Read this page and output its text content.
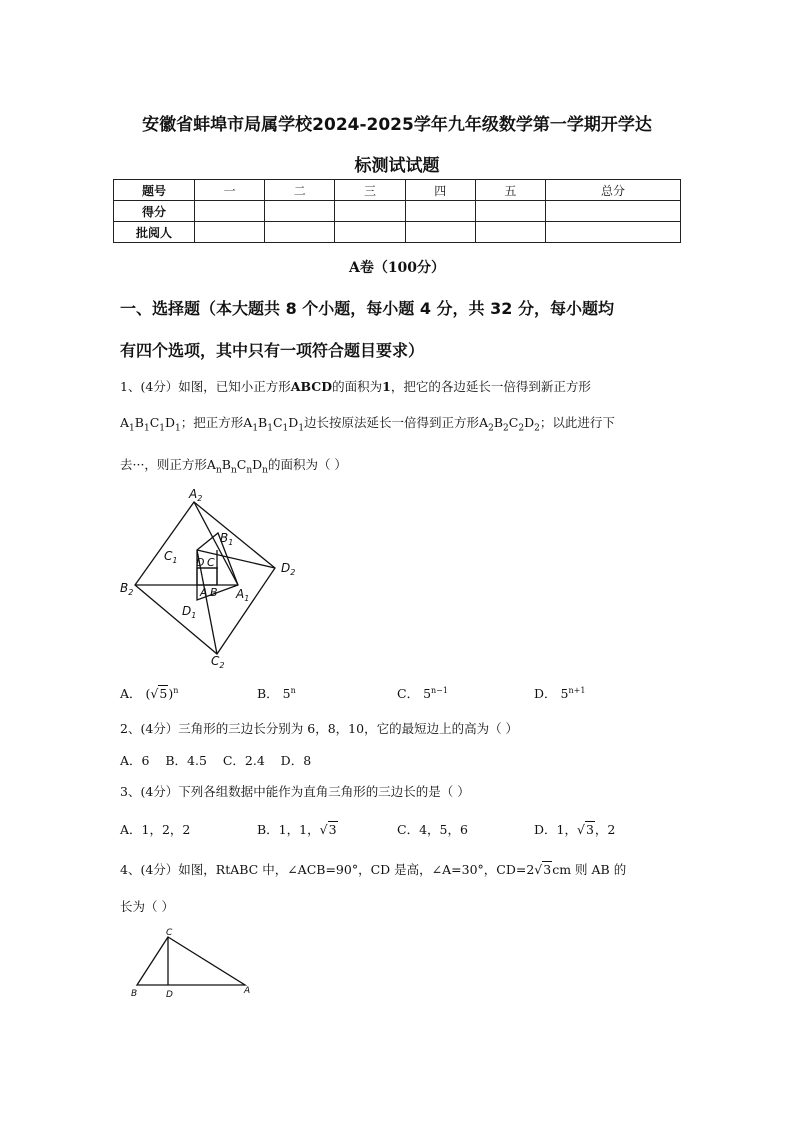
安徽省蚌埠市局属学校2024-2025学年九年级数学第一学期开学达
标测试试题
题号	一	二	三	四	五	总分
得分						
批阅人						
A卷（100分）
一、选择题（本大题共 8 个小题，每小题 4 分，共 32 分，每小题均
有四个选项，其中只有一项符合题目要求）
1、(4分）如图，已知小正方形ABCD的面积为1，把它的各边延长一倍得到新正方形
$A_1B_1C_1D_1$；把正方形$A_1B_1C_1D_1$边长按原法延长一倍得到正方形$A_2B_2C_2D_2$；以此进行下
去···，则正方形$A_nB_nC_nD_n$的面积为（ ）
$A_2$
$B_2$
$C_2$
$D_2$
$A_1$
$B_1$
$C_1$
$D_1$
D C
A B
A． $(√5)^n$	B． 5$^n$	C． $5^{n-1}$	D． $5^{n+1}$
2、(4分）三角形的三边长分别为 6，8，10，它的最短边上的高为（ ）
A．6    B．4.5    C．2.4    D．8
3、(4分）下列各组数据中能作为直角三角形的三边长的是（ ）
A．1，2，2	B．1，1，√3	C．4，5，6	D．1，√3，2
4、(4分）如图，RtABC 中，∠ACB=90°，CD 是高，∠A=30°，CD=2√3cm 则 AB 的
长为（ ）
C
B	D	A
